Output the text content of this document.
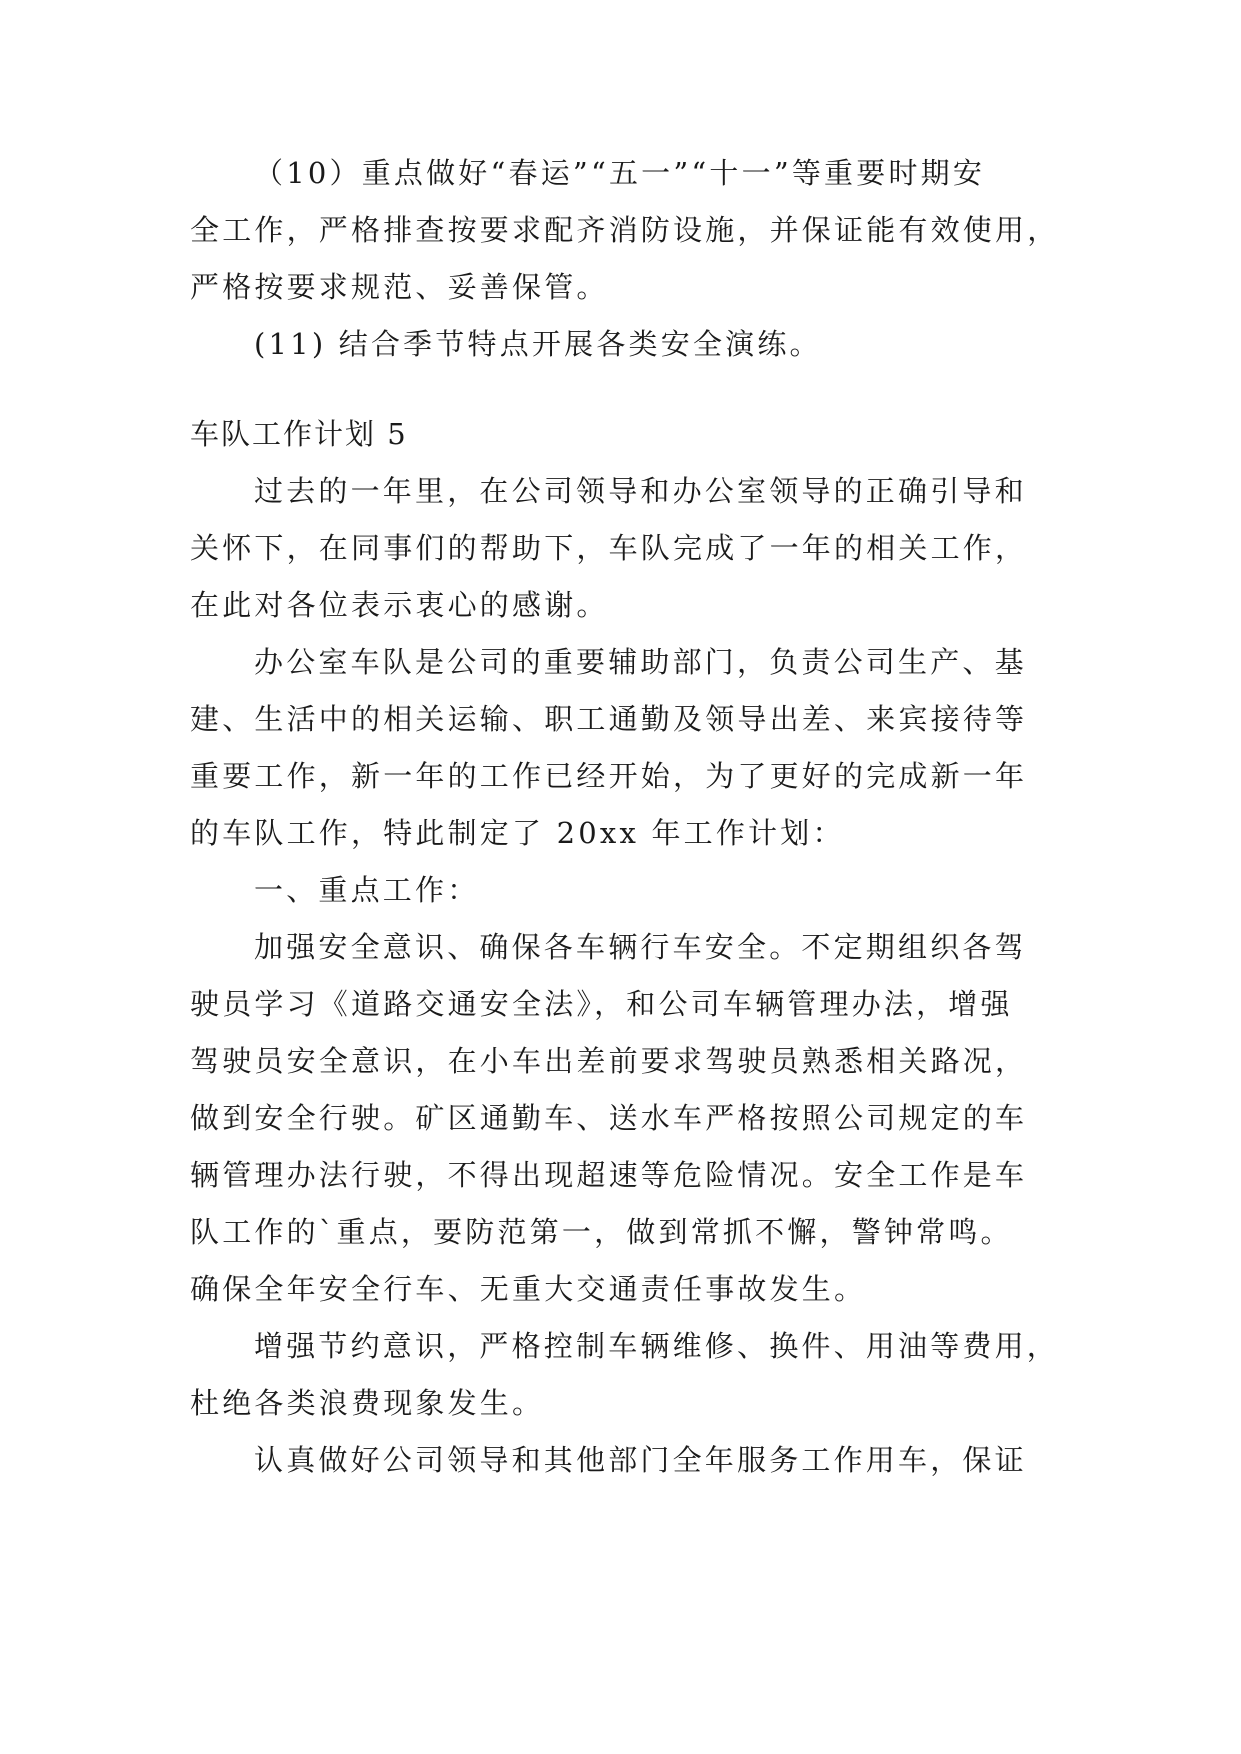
（10）重点做好“春运”“五一”“十一”等重要时期安
全工作，严格排查按要求配齐消防设施，并保证能有效使用，
严格按要求规范、妥善保管。
(11) 结合季节特点开展各类安全演练。
车队工作计划 5
过去的一年里，在公司领导和办公室领导的正确引导和
关怀下，在同事们的帮助下，车队完成了一年的相关工作，
在此对各位表示衷心的感谢。
办公室车队是公司的重要辅助部门，负责公司生产、基
建、生活中的相关运输、职工通勤及领导出差、来宾接待等
重要工作，新一年的工作已经开始，为了更好的完成新一年
的车队工作，特此制定了 20xx 年工作计划：
一、重点工作：
加强安全意识、确保各车辆行车安全。不定期组织各驾
驶员学习《道路交通安全法》，和公司车辆管理办法，增强
驾驶员安全意识，在小车出差前要求驾驶员熟悉相关路况，
做到安全行驶。矿区通勤车、送水车严格按照公司规定的车
辆管理办法行驶，不得出现超速等危险情况。安全工作是车
队工作的`重点，要防范第一，做到常抓不懈，警钟常鸣。
确保全年安全行车、无重大交通责任事故发生。
增强节约意识，严格控制车辆维修、换件、用油等费用，
杜绝各类浪费现象发生。
认真做好公司领导和其他部门全年服务工作用车，保证
